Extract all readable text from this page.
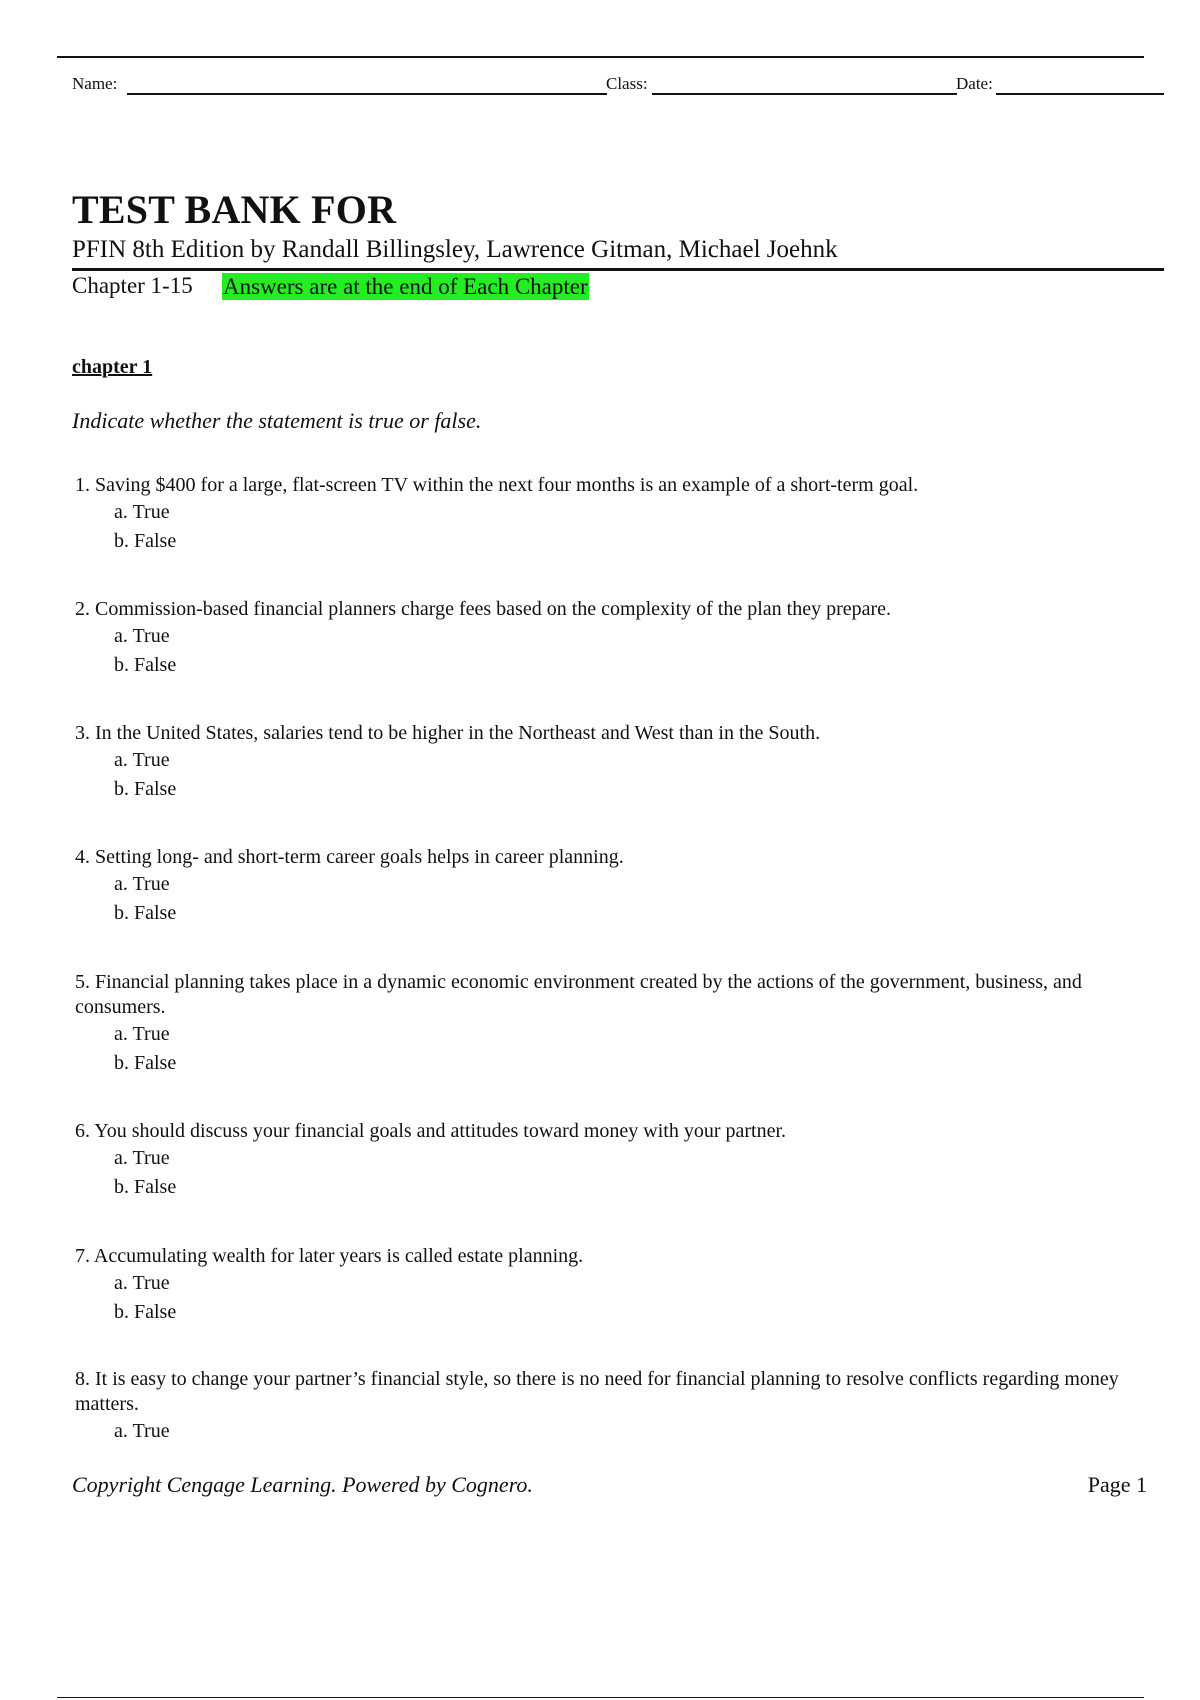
Name:	Class:	Date:
TEST BANK FOR
PFIN 8th Edition by Randall Billingsley, Lawrence Gitman, Michael Joehnk
Chapter 1-15 Answers are at the end of Each Chapter
chapter 1
Indicate whether the statement is true or false.

1. Saving $400 for a large, flat-screen TV within the next four months is an example of a short-term goal.

a. True

b. False

2. Commission-based financial planners charge fees based on the complexity of the plan they prepare.

a. True

b. False

3. In the United States, salaries tend to be higher in the Northeast and West than in the South.

a. True

b. False

4. Setting long- and short-term career goals helps in career planning.

a. True

b. False

5. Financial planning takes place in a dynamic economic environment created by the actions of the government, business, and consumers.

a. True

b. False

6. You should discuss your financial goals and attitudes toward money with your partner.

a. True

b. False

7. Accumulating wealth for later years is called estate planning.

a. True

b. False

8. It is easy to change your partner’s financial style, so there is no need for financial planning to resolve conflicts regarding money matters.

a. True

Copyright Cengage Learning. Powered by Cognero.	Page 1
